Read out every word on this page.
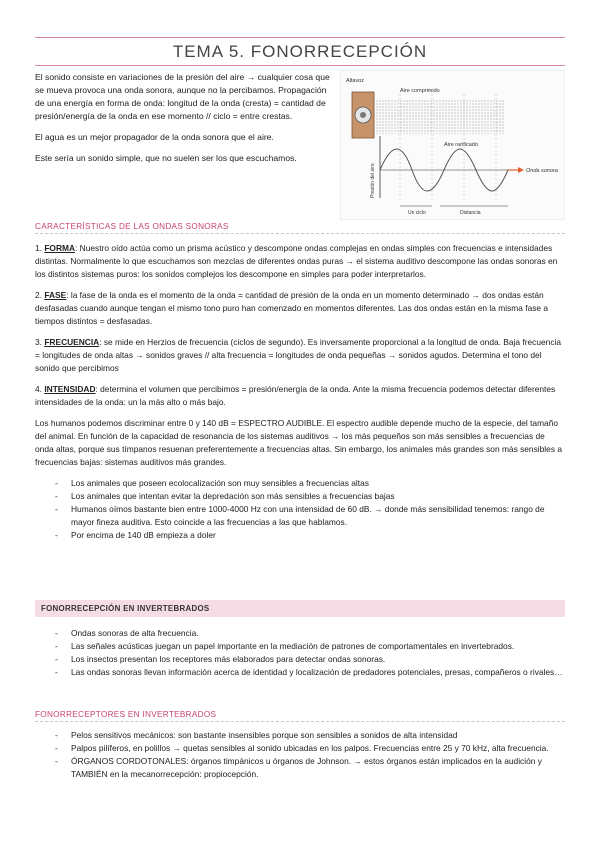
TEMA 5. FONORRECEPCIÓN

El sonido consiste en variaciones de la presión del aire → cualquier cosa que se mueva provoca una onda sonora, aunque no la percibamos. Propagación de una energía en forma de onda: longitud de la onda (cresta) = cantidad de presión/energía de la onda en ese momento // ciclo = entre crestas.

El agua es un mejor propagador de la onda sonora que el aire.

Este sería un sonido simple, que no suelen ser los que escuchamos.

Altavoz
Aire comprimido
Aire rarificado
Onda sonora
Presión del aire
Un ciclo	Distancia
CARACTERÍSTICAS DE LAS ONDAS SONORAS

1. FORMA: Nuestro oído actúa como un prisma acústico y descompone ondas complejas en ondas simples con frecuencias e intensidades distintas. Normalmente lo que escuchamos son mezclas de diferentes ondas puras → el sistema auditivo descompone las ondas sonoras en los distintos sistemas puros: los sonidos complejos los descompone en simples para poder interpretarlos.

2. FASE: la fase de la onda es el momento de la onda = cantidad de presión de la onda en un momento determinado → dos ondas están desfasadas cuando aunque tengan el mismo tono puro han comenzado en momentos diferentes. Las dos ondas están en la misma fase a tiempos distintos = desfasadas.

3. FRECUENCIA: se mide en Herzios de frecuencia (ciclos de segundo). Es inversamente proporcional a la longitud de onda. Baja frecuencia = longitudes de onda altas → sonidos graves // alta frecuencia = longitudes de onda pequeñas → sonidos agudos. Determina el tono del sonido que percibimos

4. INTENSIDAD: determina el volumen que percibimos = presión/energía de la onda. Ante la misma frecuencia podemos detectar diferentes intensidades de la onda: un la más alto o más bajo.

Los humanos podemos discriminar entre 0 y 140 dB = ESPECTRO AUDIBLE. El espectro audible depende mucho de la especie, del tamaño del animal. En función de la capacidad de resonancia de los sistemas auditivos → los más pequeños son más sensibles a frecuencias de onda altas, porque sus tímpanos resuenan preferentemente a frecuencias altas. Sin embargo, los animales más grandes son más sensibles a frecuencias bajas: sistemas auditivos más grandes.

- Los animales que poseen ecolocalización son muy sensibles a frecuencias altas
- Los animales que intentan evitar la depredación son más sensibles a frecuencias bajas
- Humanos oímos bastante bien entre 1000-4000 Hz con una intensidad de 60 dB. → donde más sensibilidad tenemos: rango de mayor fineza auditiva. Esto coincide a las frecuencias a las que hablamos.
- Por encima de 140 dB empieza a doler
FONORRECEPCIÓN EN INVERTEBRADOS
- Ondas sonoras de alta frecuencia.
- Las señales acústicas juegan un papel importante en la mediación de patrones de comportamentales en invertebrados.
- Los insectos presentan los receptores más elaborados para detectar ondas sonoras.
- Las ondas sonoras llevan información acerca de identidad y localización de predadores potenciales, presas, compañeros o rivales…
FONORRECEPTORES EN INVERTEBRADOS
- Pelos sensitivos mecánicos: son bastante insensibles porque son sensibles a sonidos de alta intensidad
- Palpos pilíferos, en polillos → quetas sensibles al sonido ubicadas en los palpos. Frecuencias entre 25 y 70 kHz, alta frecuencia.
- ÓRGANOS CORDOTONALES: órganos timpánicos u órganos de Johnson. → estos órganos están implicados en la audición y TAMBIÉN en la mecanorrecepción: propiocepción.
